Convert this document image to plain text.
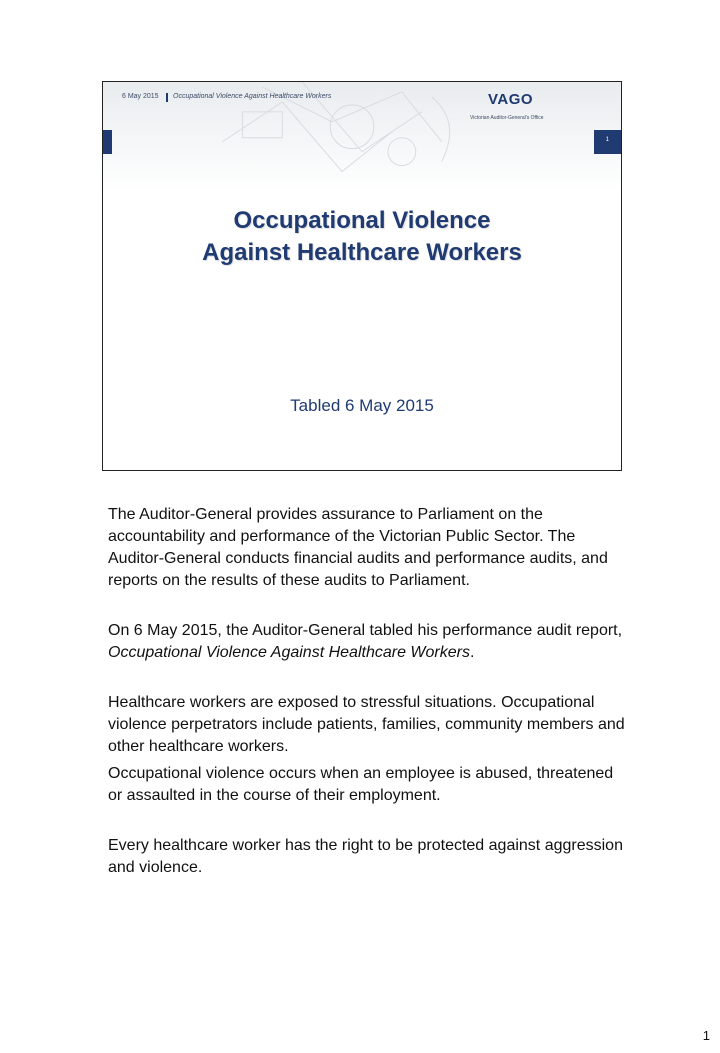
6 May 2015 Occupational Violence Against Healthcare Workers	VAGO
Victorian Auditor-General's Office
1
Occupational Violence
Against Healthcare Workers
Tabled 6 May 2015

The Auditor-General provides assurance to Parliament on the accountability and performance of the Victorian Public Sector. The Auditor-General conducts financial audits and performance audits, and reports on the results of these audits to Parliament.

On 6 May 2015, the Auditor-General tabled his performance audit report, Occupational Violence Against Healthcare Workers.

Healthcare workers are exposed to stressful situations. Occupational violence perpetrators include patients, families, community members and other healthcare workers.

Occupational violence occurs when an employee is abused, threatened or assaulted in the course of their employment.

Every healthcare worker has the right to be protected against aggression and violence.

1
